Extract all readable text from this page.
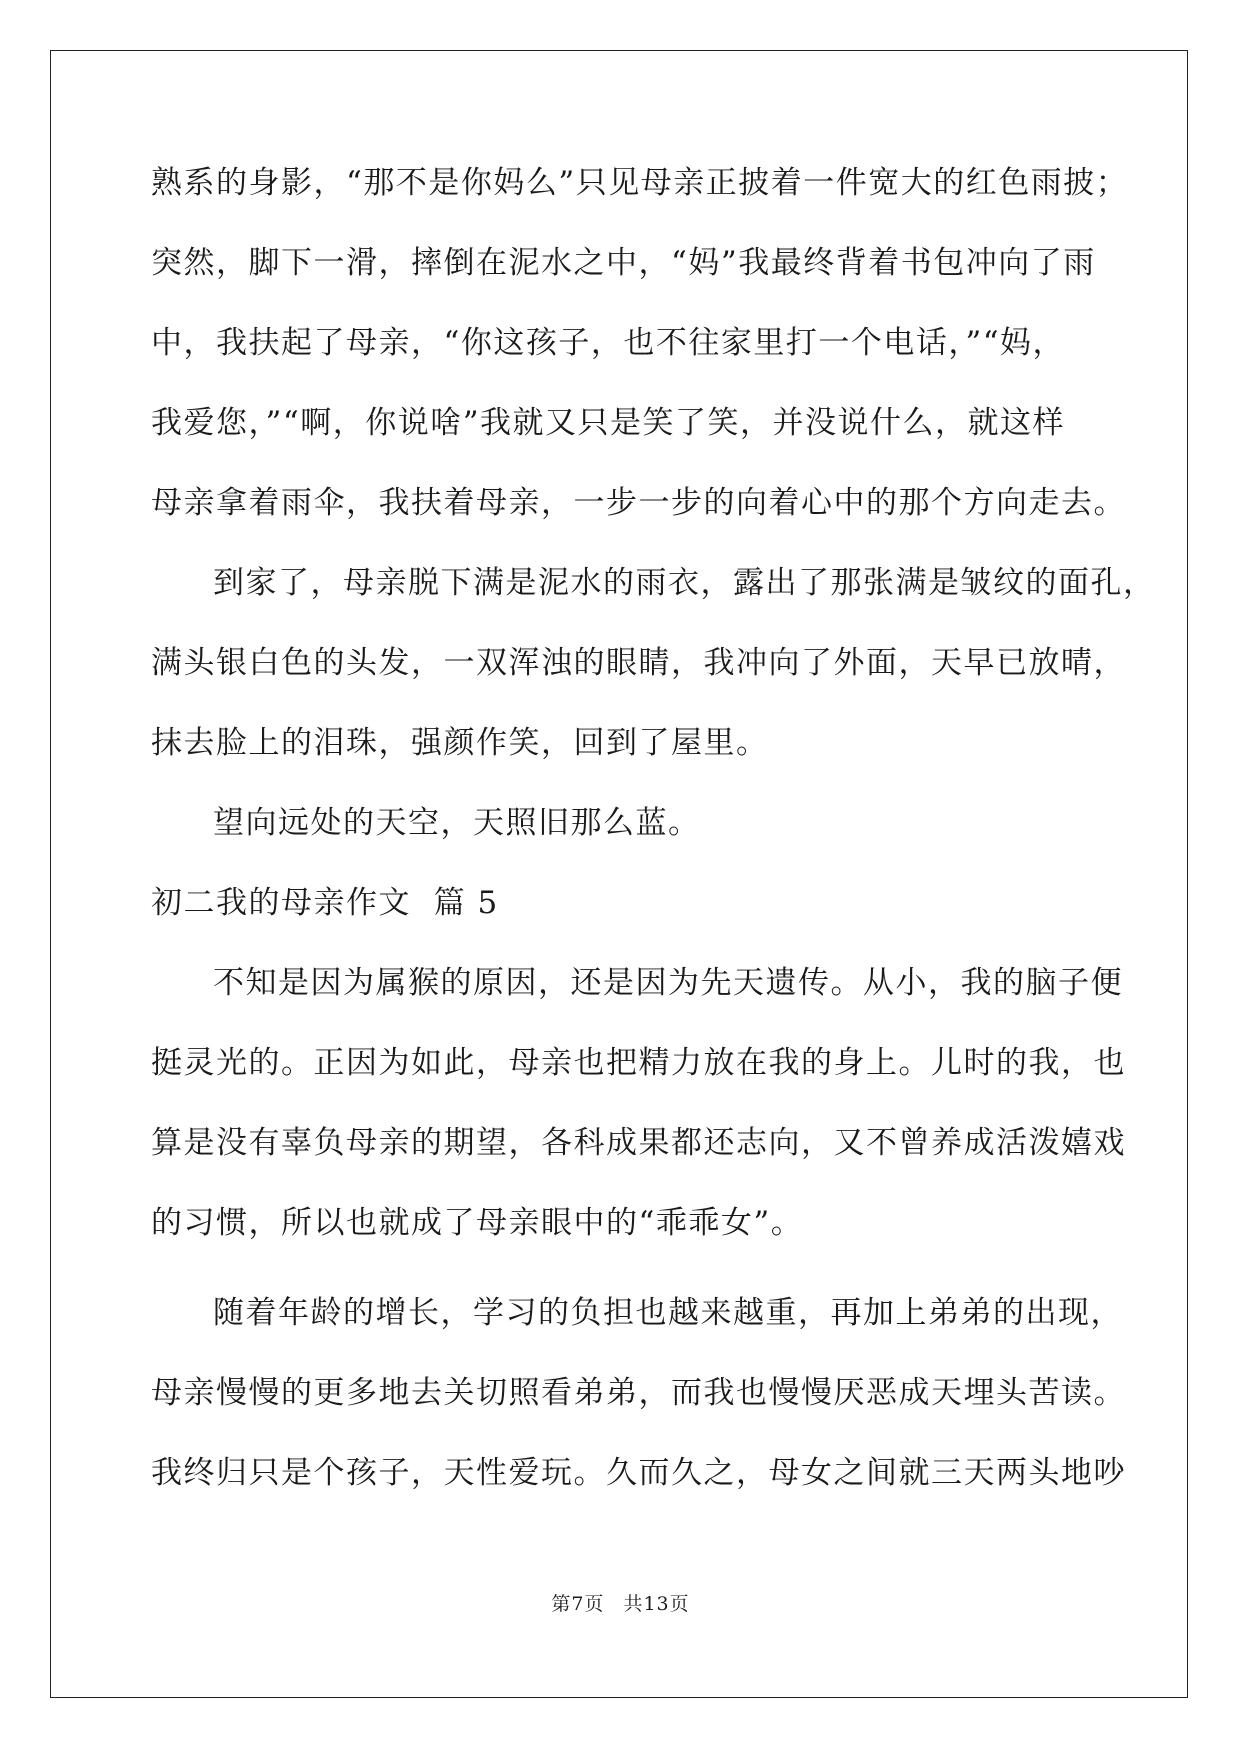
熟系的身影，“那不是你妈么”只见母亲正披着一件宽大的红色雨披；
突然，脚下一滑，摔倒在泥水之中，“妈”我最终背着书包冲向了雨
中，我扶起了母亲，“你这孩子，也不往家里打一个电话，”“妈，
我爱您，”“啊，你说啥”我就又只是笑了笑，并没说什么，就这样
母亲拿着雨伞，我扶着母亲，一步一步的向着心中的那个方向走去。
到家了，母亲脱下满是泥水的雨衣，露出了那张满是皱纹的面孔，
满头银白色的头发，一双浑浊的眼睛，我冲向了外面，天早已放晴，
抹去脸上的泪珠，强颜作笑，回到了屋里。
望向远处的天空，天照旧那么蓝。
初二我的母亲作文  篇 5
不知是因为属猴的原因，还是因为先天遗传。从小，我的脑子便
挺灵光的。正因为如此，母亲也把精力放在我的身上。儿时的我，也
算是没有辜负母亲的期望，各科成果都还志向，又不曾养成活泼嬉戏
的习惯，所以也就成了母亲眼中的“乖乖女”。
随着年龄的增长，学习的负担也越来越重，再加上弟弟的出现，
母亲慢慢的更多地去关切照看弟弟，而我也慢慢厌恶成天埋头苦读。
我终归只是个孩子，天性爱玩。久而久之，母女之间就三天两头地吵
第7页 共13页
